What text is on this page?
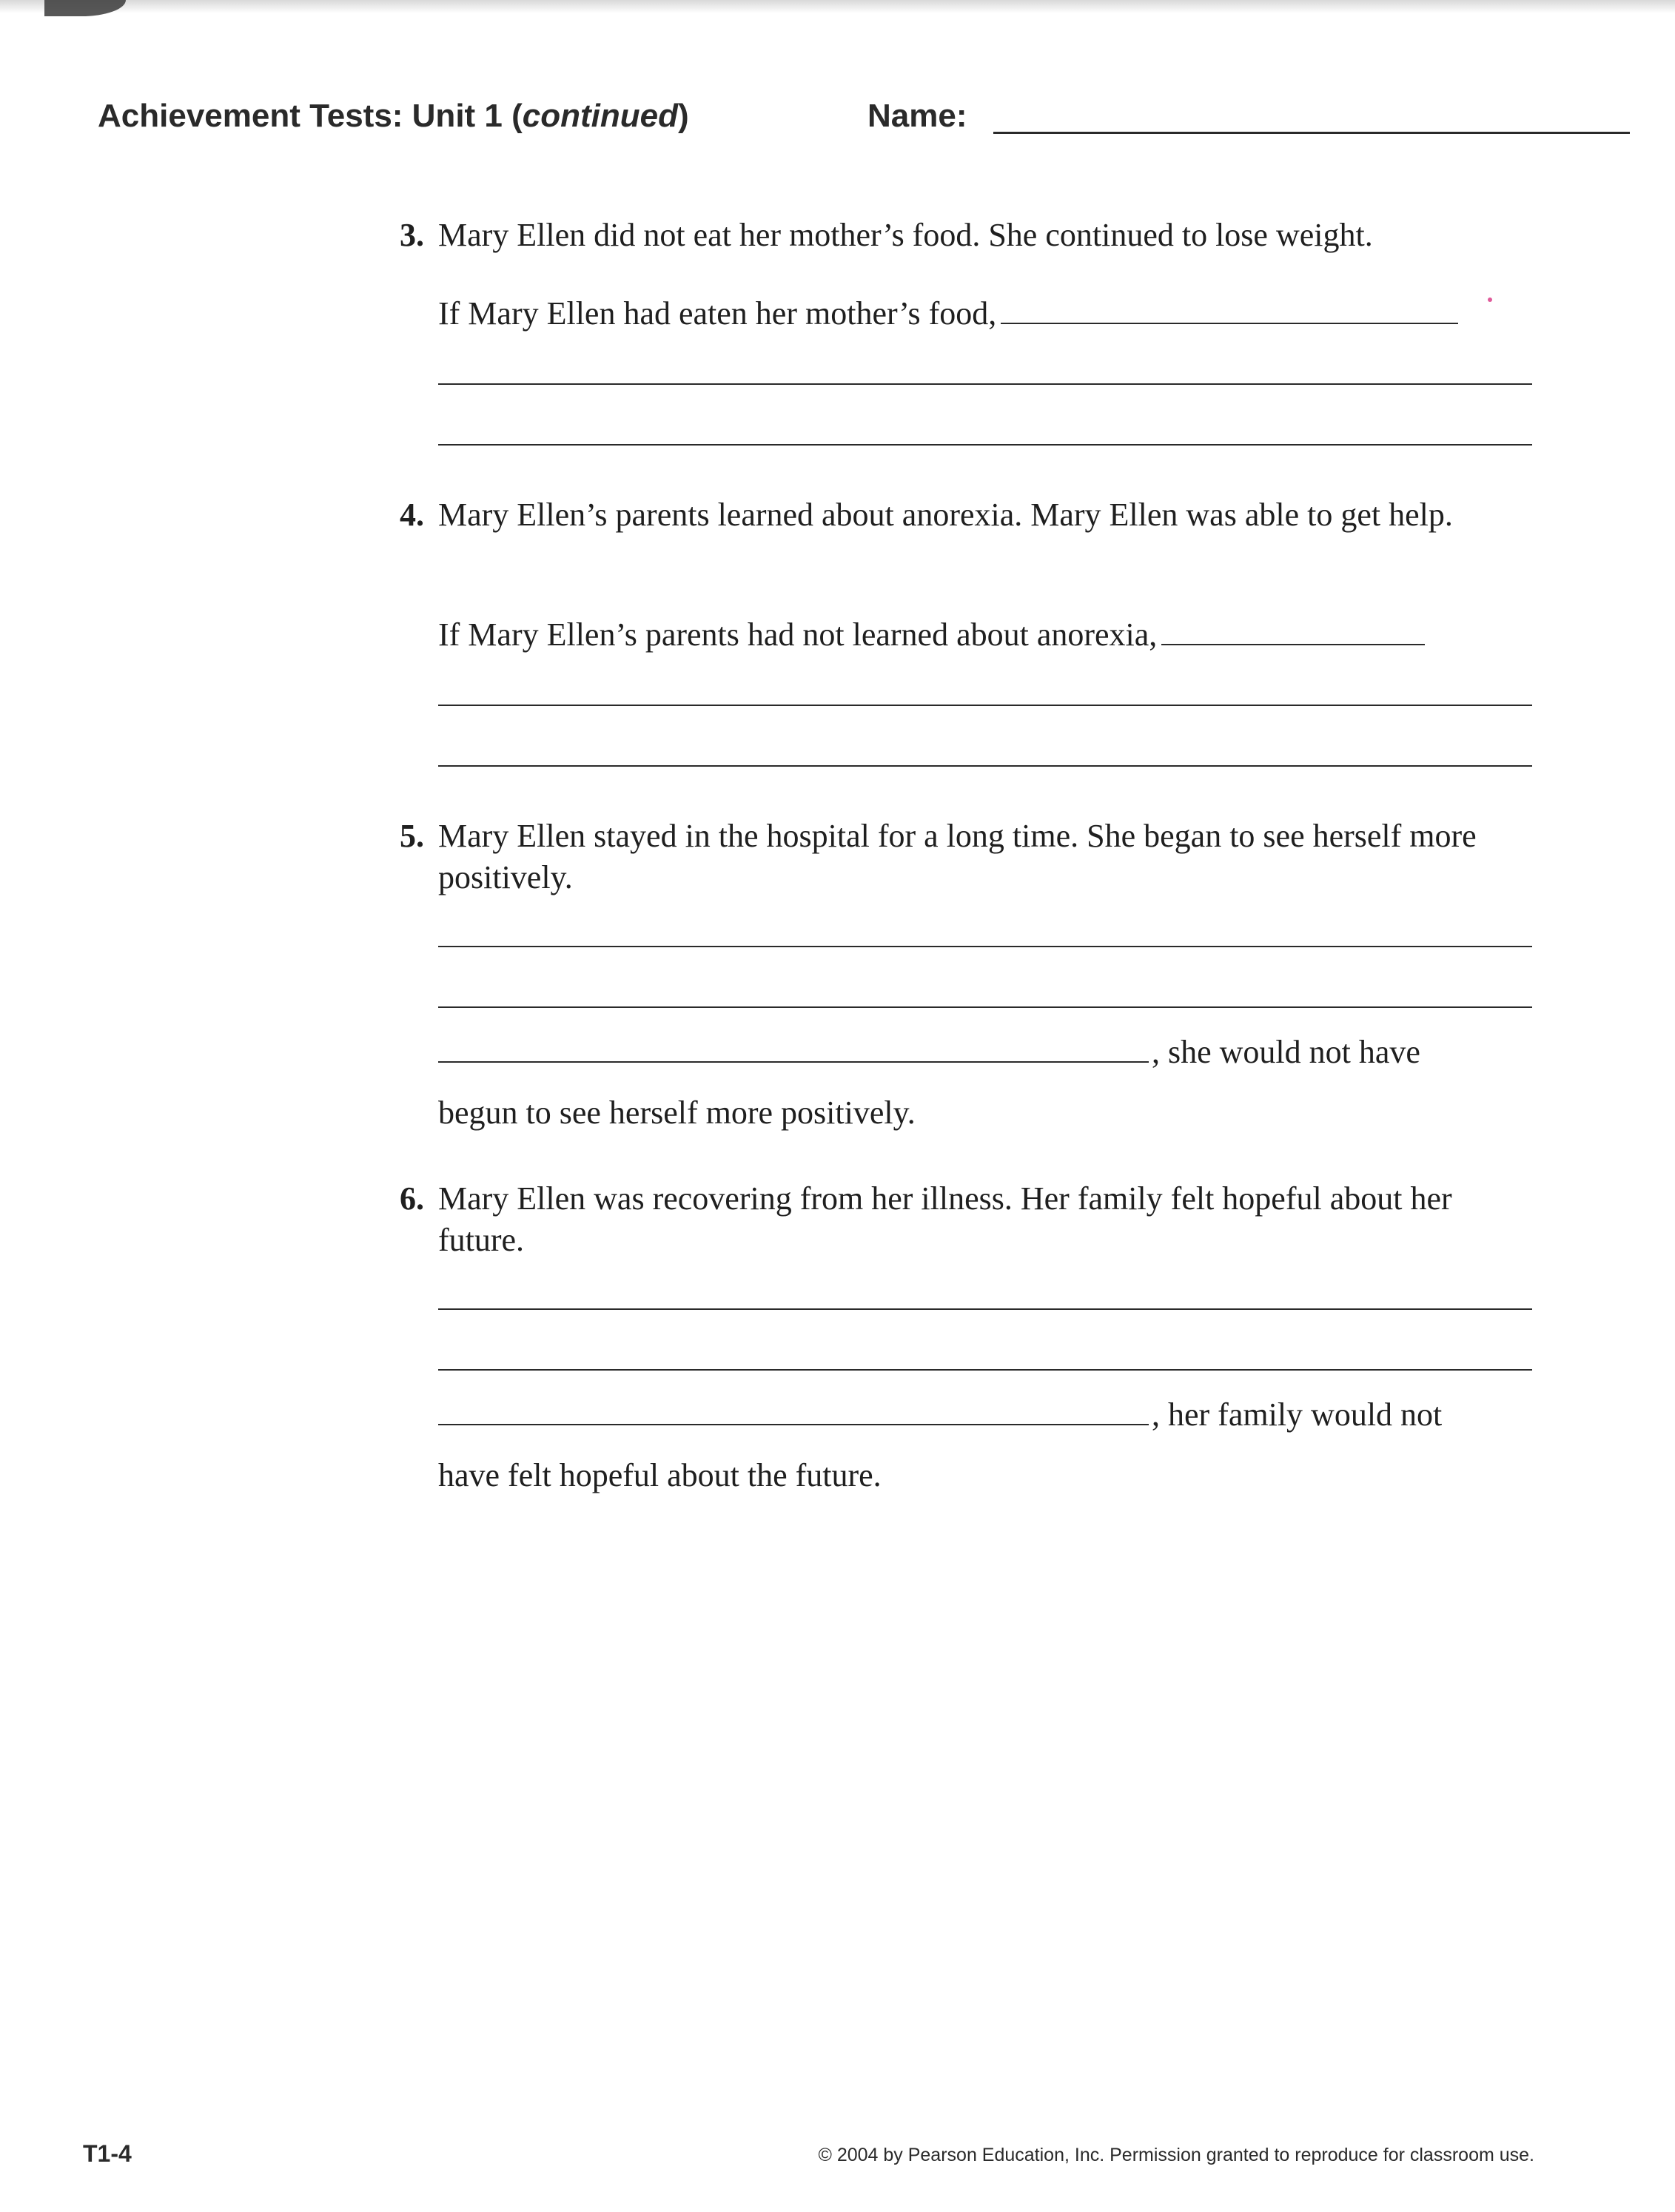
Achievement Tests: Unit 1 (continued)	Name:
3. Mary Ellen did not eat her mother’s food. She continued to lose weight.
If Mary Ellen had eaten her mother’s food,
4. Mary Ellen’s parents learned about anorexia. Mary Ellen was able to get help.
If Mary Ellen’s parents had not learned about anorexia,
5. Mary Ellen stayed in the hospital for a long time. She began to see herself more positively.
, she would not have
begun to see herself more positively.
6. Mary Ellen was recovering from her illness. Her family felt hopeful about her future.
, her family would not
have felt hopeful about the future.
T1-4	© 2004 by Pearson Education, Inc. Permission granted to reproduce for classroom use.
